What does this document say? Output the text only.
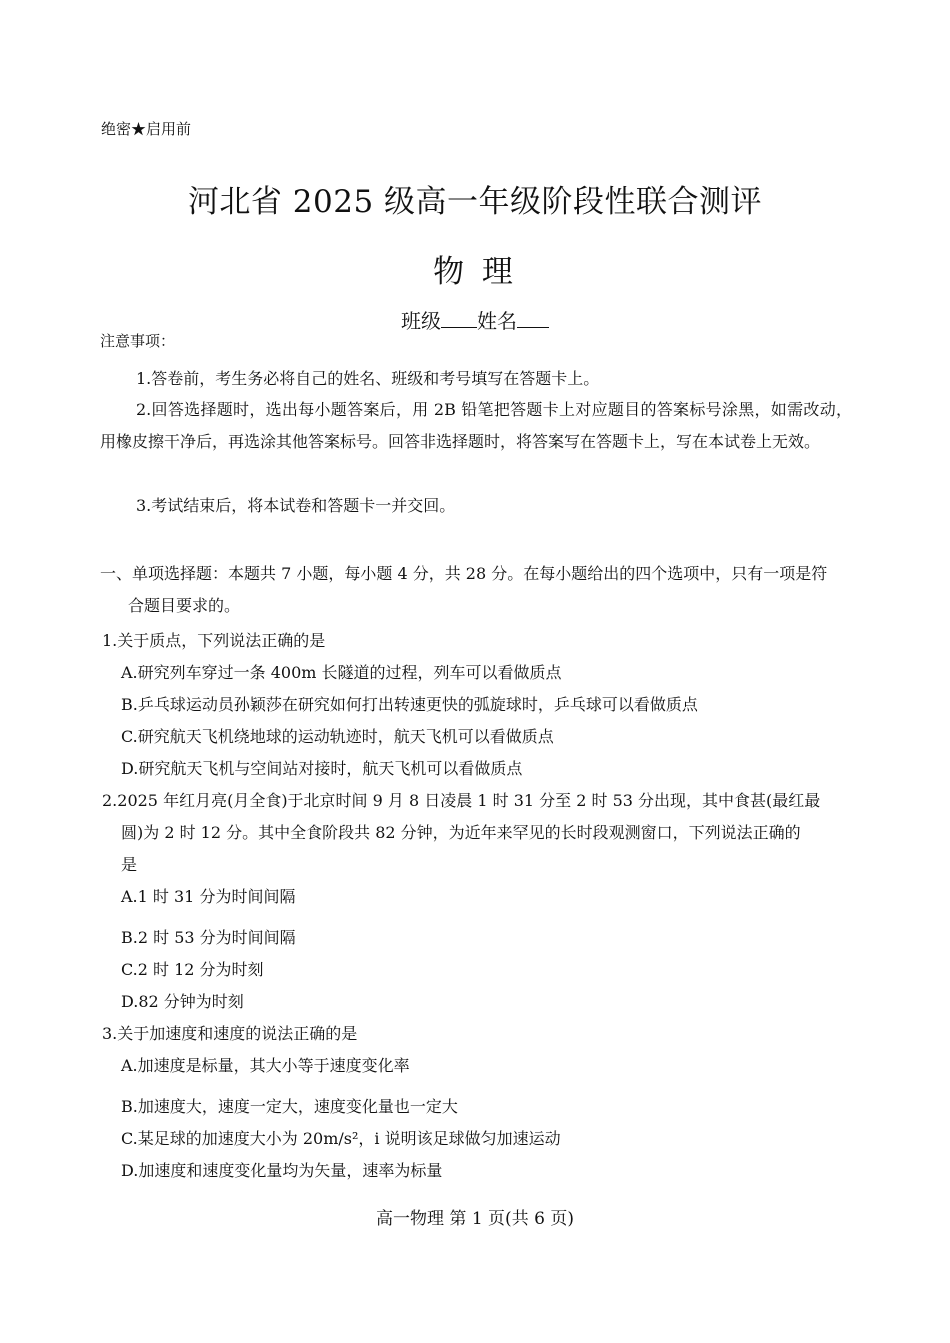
绝密★启用前
河北省 2025 级高一年级阶段性联合测评
物 理
班级 姓名
注意事项：
1.答卷前，考生务必将自己的姓名、班级和考号填写在答题卡上。
2.回答选择题时，选出每小题答案后，用 2B 铅笔把答题卡上对应题目的答案标号涂黑，如需改动，用橡皮擦干净后，再选涂其他答案标号。回答非选择题时，将答案写在答题卡上，写在本试卷上无效。
3.考试结束后，将本试卷和答题卡一并交回。
一、单项选择题：本题共 7 小题，每小题 4 分，共 28 分。在每小题给出的四个选项中，只有一项是符
合题目要求的。
1.关于质点，下列说法正确的是
A.研究列车穿过一条 400m 长隧道的过程，列车可以看做质点
B.乒乓球运动员孙颖莎在研究如何打出转速更快的弧旋球时，乒乓球可以看做质点
C.研究航天飞机绕地球的运动轨迹时，航天飞机可以看做质点
D.研究航天飞机与空间站对接时，航天飞机可以看做质点
2.2025 年红月亮(月全食)于北京时间 9 月 8 日凌晨 1 时 31 分至 2 时 53 分出现，其中食甚(最红最
圆)为 2 时 12 分。其中全食阶段共 82 分钟，为近年来罕见的长时段观测窗口，下列说法正确的
是
A.1 时 31 分为时间间隔
B.2 时 53 分为时间间隔
C.2 时 12 分为时刻
D.82 分钟为时刻
3.关于加速度和速度的说法正确的是
A.加速度是标量，其大小等于速度变化率
B.加速度大，速度一定大，速度变化量也一定大
C.某足球的加速度大小为 20m/s²，i 说明该足球做匀加速运动
D.加速度和速度变化量均为矢量，速率为标量
高一物理 第 1 页(共 6 页)
